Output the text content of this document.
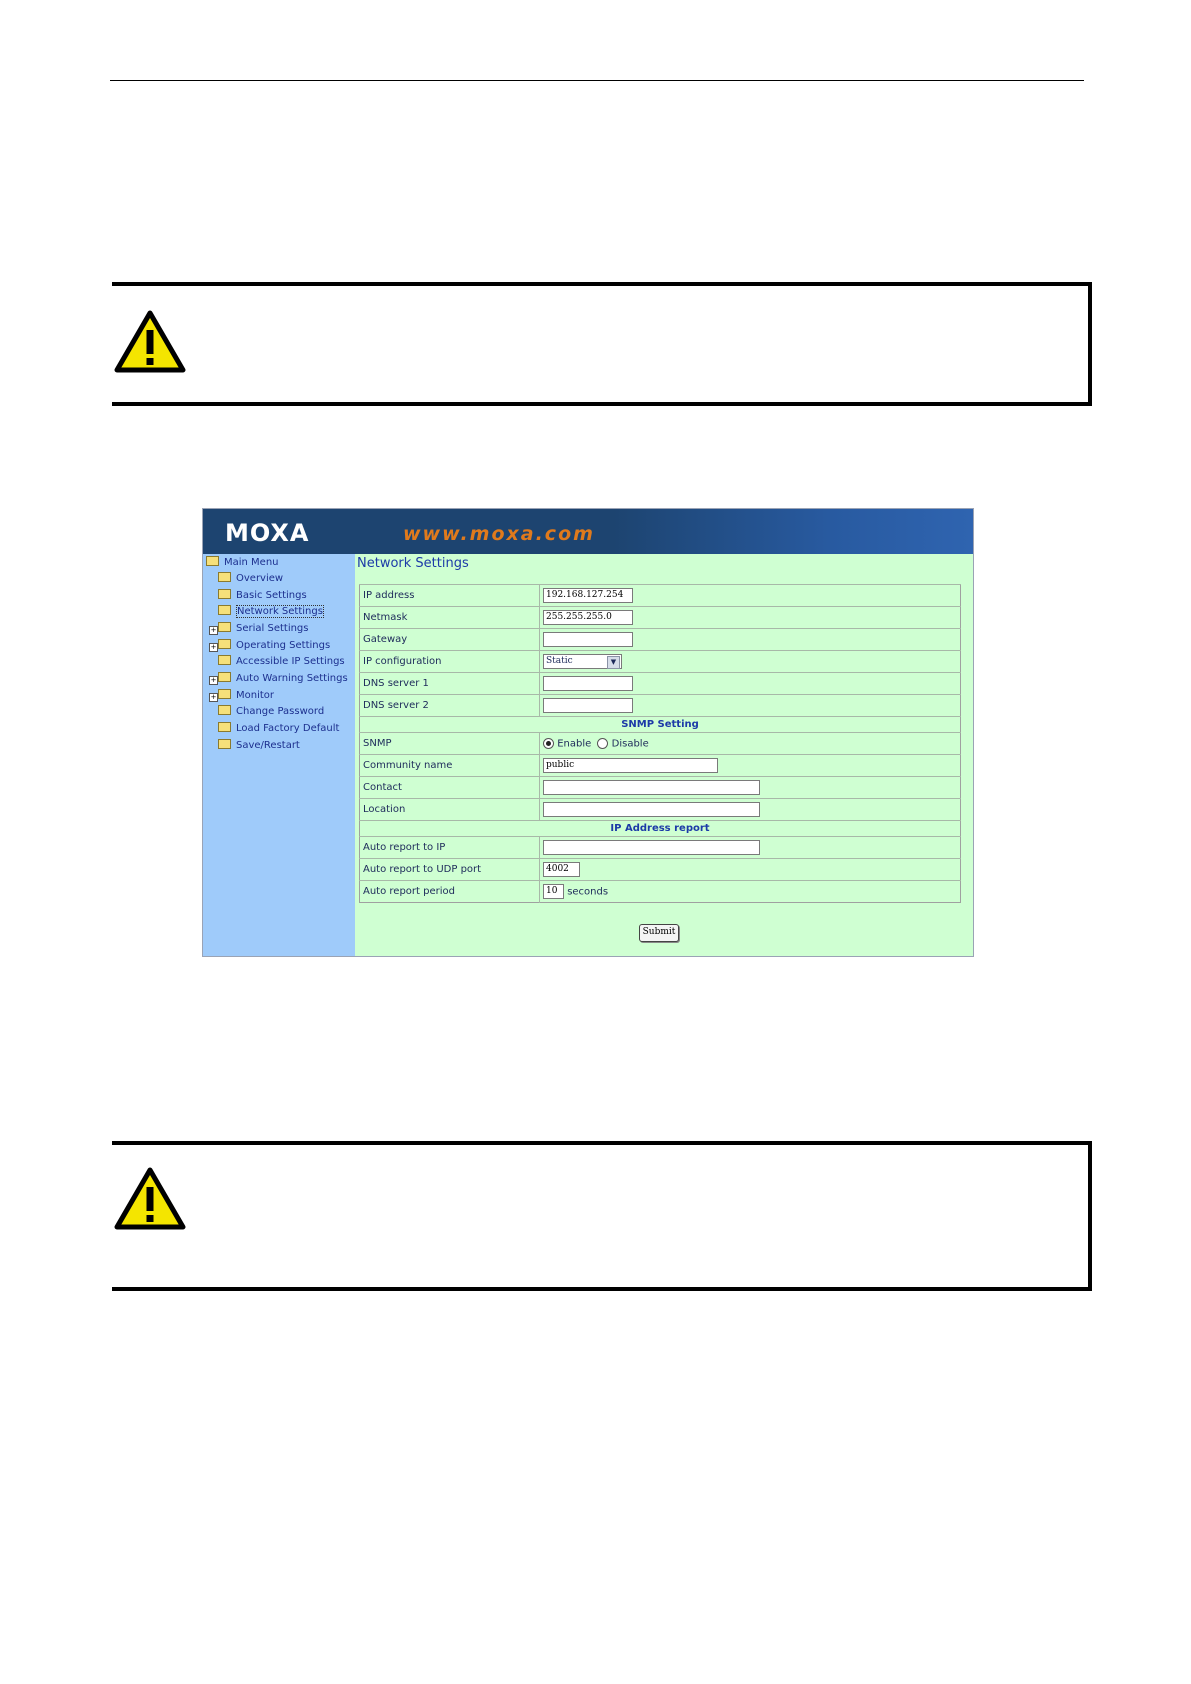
MOXA	www.moxa.com
Main Menu
Overview
Basic Settings
Network Settings
+ Serial Settings
+ Operating Settings
Accessible IP Settings
+ Auto Warning Settings
+ Monitor
Change Password
Load Factory Default
Save/Restart
Network Settings
IP address	192.168.127.254
Netmask	255.255.255.0
Gateway	
IP configuration	Static ▼

DNS server 1	
DNS server 2	
SNMP Setting	
SNMP	Enable Disable
Community name	public
Contact	
Location	
IP Address report	
Auto report to IP	
Auto report to UDP port	4002
Auto report period	10 seconds
Submit
